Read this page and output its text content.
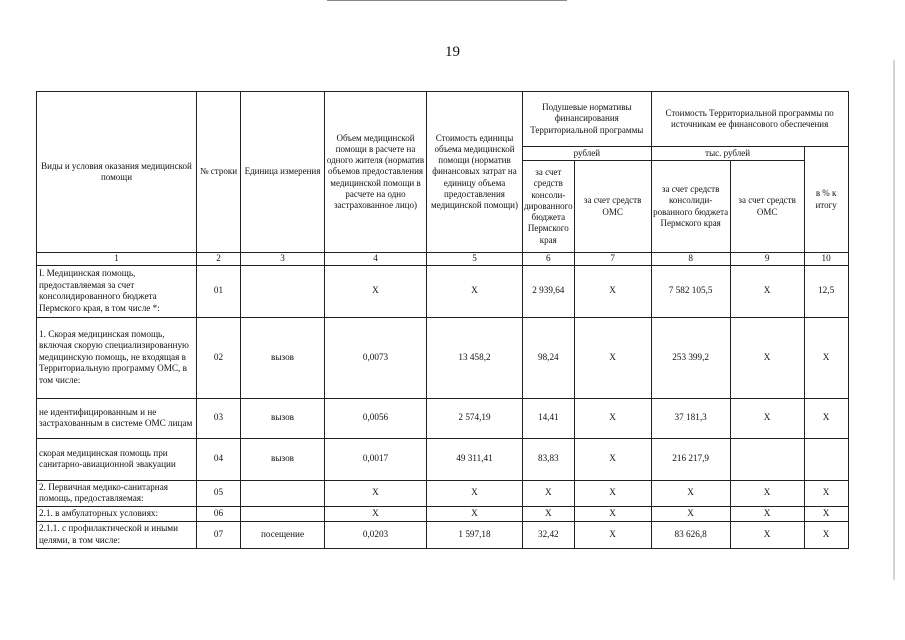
19
Виды и условия оказания медицинской помощи	№ строки	Единица измерения	Объем медицинской помощи в расчете на одного жителя (норматив объемов предоставления медицинской помощи в расчете на одно застрахованное лицо)	Стоимость единицы объема медицинской помощи (норматив финансовых затрат на единицу объема предоставления медицинской помощи)	Подушевые нормативы финансирования Территориальной программы		Стоимость Территориальной программы по источникам ее финансового обеспечения		
					рублей		тыс. рублей		в % к итогу
					за счет средств консоли-дированного бюджета Пермского края	за счет средств ОМС	за счет средств консолиди-рованного бюджета Пермского края	за счет средств ОМС	
1	2	3	4	5	6	7	8	9	10
I. Медицинская помощь, предоставляемая за счет консолидированного бюджета Пермского края, в том числе *:	01		Х	Х	2 939,64	Х	7 582 105,5	Х	12,5
1. Скорая медицинская помощь, включая скорую специализированную медицинскую помощь, не входящая в Территориальную программу ОМС, в том числе:	02	вызов	0,0073	13 458,2	98,24	Х	253 399,2	Х	Х
не идентифицированным и не застрахованным в системе ОМС лицам	03	вызов	0,0056	2 574,19	14,41	Х	37 181,3	Х	Х
скорая медицинская помощь при санитарно-авиационной эвакуации	04	вызов	0,0017	49 311,41	83,83	Х	216 217,9		
2. Первичная медико-санитарная помощь, предоставляемая:	05		Х	Х	Х	Х	Х	Х	Х
2.1. в амбулаторных условиях:	06		Х	Х	Х	Х	Х	Х	Х
2.1.1. с профилактической и иными целями, в том числе:	07	посещение	0,0203	1 597,18	32,42	Х	83 626,8	Х	Х
